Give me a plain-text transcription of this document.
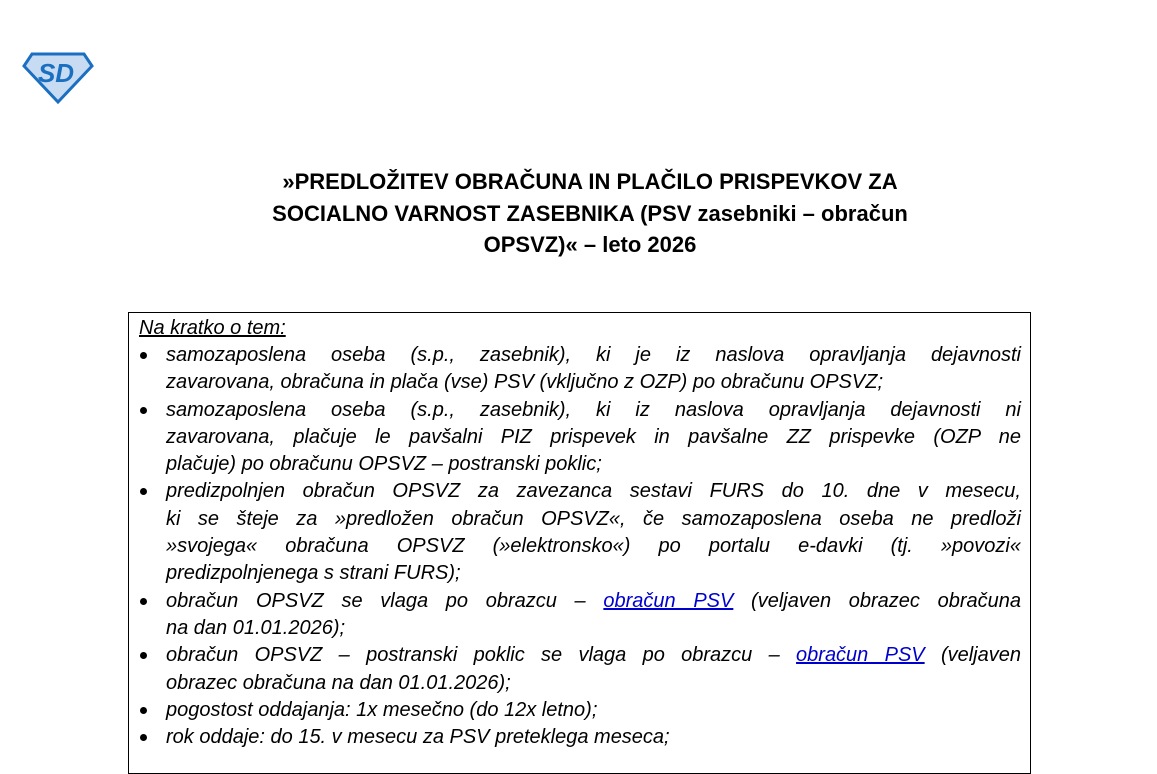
SD
»PREDLOŽITEV OBRAČUNA IN PLAČILO PRISPEVKOV ZA
SOCIALNO VARNOST ZASEBNIKA (PSV zasebniki – obračun
OPSVZ)« – leto 2026
Na kratko o tem:
samozaposlena oseba (s.p., zasebnik), ki je iz naslova opravljanja dejavnosti
zavarovana, obračuna in plača (vse) PSV (vključno z OZP) po obračunu OPSVZ;
samozaposlena oseba (s.p., zasebnik), ki iz naslova opravljanja dejavnosti ni
zavarovana, plačuje le pavšalni PIZ prispevek in pavšalne ZZ prispevke (OZP ne
plačuje) po obračunu OPSVZ – postranski poklic;
predizpolnjen obračun OPSVZ za zavezanca sestavi FURS do 10. dne v mesecu,
ki se šteje za »predložen obračun OPSVZ«, če samozaposlena oseba ne predloži
»svojega« obračuna OPSVZ (»elektronsko«) po portalu e-davki (tj. »povozi«
predizpolnjenega s strani FURS);
obračun OPSVZ se vlaga po obrazcu – obračun PSV (veljaven obrazec obračuna
na dan 01.01.2026);
obračun OPSVZ – postranski poklic se vlaga po obrazcu – obračun PSV (veljaven
obrazec obračuna na dan 01.01.2026);
pogostost oddajanja: 1x mesečno (do 12x letno);
rok oddaje: do 15. v mesecu za PSV preteklega meseca;
